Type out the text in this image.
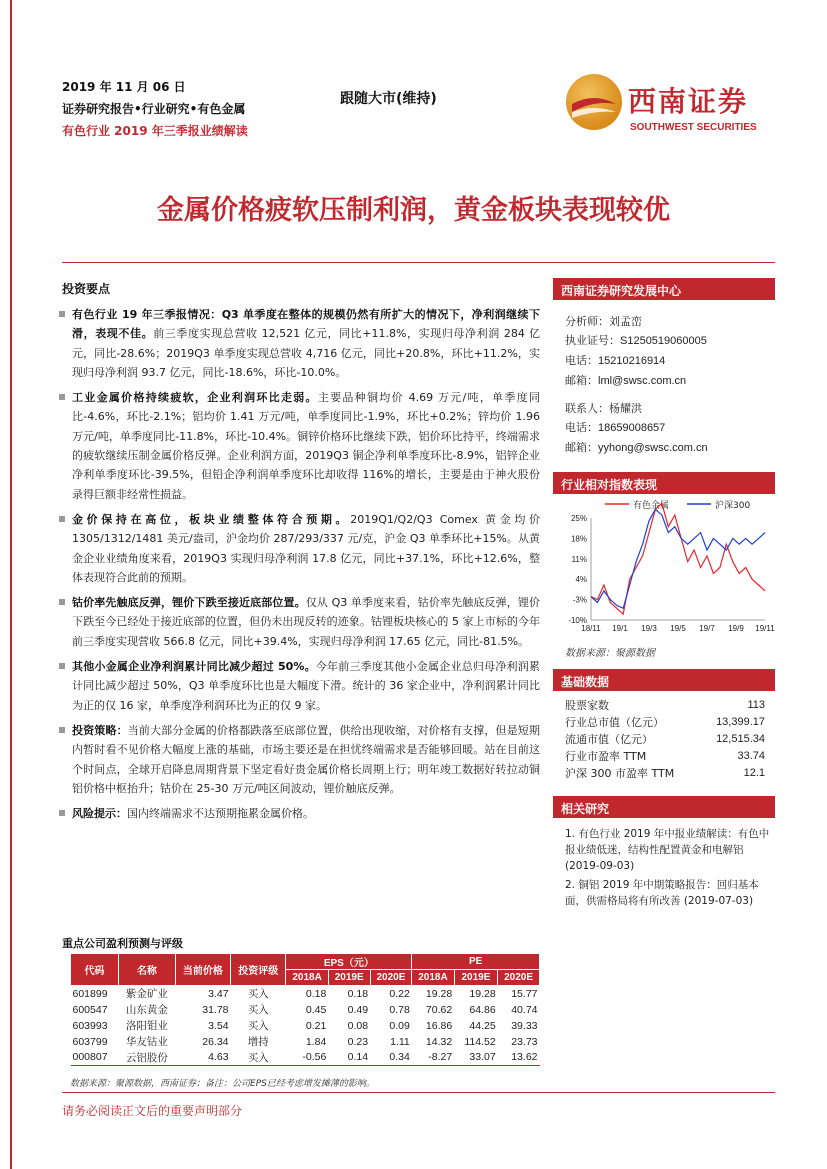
2019 年 11 月 06 日
证券研究报告•行业研究•有色金属
有色行业 2019 年三季报业绩解读
跟随大市(维持)	西南证券
SOUTHWEST SECURITIES
金属价格疲软压制利润，黄金板块表现较优
投资要点
有色行业 19 年三季报情况：Q3 单季度在整体的规模仍然有所扩大的情况下，净利润继续下滑，表现不佳。前三季度实现总营收 12,521 亿元，同比+11.8%，实现归母净利润 284 亿元，同比-28.6%；2019Q3 单季度实现总营收 4,716 亿元，同比+20.8%，环比+11.2%，实现归母净利润 93.7 亿元，同比-18.6%，环比-10.0%。
工业金属价格持续疲软，企业利润环比走弱。主要品种铜均价 4.69 万元/吨，单季度同比-4.6%，环比-2.1%；铝均价 1.41 万元/吨，单季度同比-1.9%，环比+0.2%；锌均价 1.96 万元/吨，单季度同比-11.8%，环比-10.4%。铜锌价格环比继续下跌，铝价环比持平，终端需求的疲软继续压制金属价格反弹。企业利润方面，2019Q3 铜企净利单季度环比-8.9%，铝锌企业净利单季度环比-39.5%，但铅企净利润单季度环比却收得 116%的增长，主要是由于神火股份录得巨额非经常性损益。
金价保持在高位，板块业绩整体符合预期。2019Q1/Q2/Q3 Comex 黄金均价 1305/1312/1481 美元/盎司，沪金均价 287/293/337 元/克，沪金 Q3 单季环比+15%。从黄金企业业绩角度来看，2019Q3 实现归母净利润 17.8 亿元，同比+37.1%，环比+12.6%，整体表现符合此前的预期。
钴价率先触底反弹，锂价下跌至接近底部位置。仅从 Q3 单季度来看，钴价率先触底反弹，锂价下跌至今已经处于接近底部的位置，但仍未出现反转的迹象。钴锂板块核心的 5 家上市标的今年前三季度实现营收 566.8 亿元，同比+39.4%，实现归母净利润 17.65 亿元，同比-81.5%。
其他小金属企业净利润累计同比减少超过 50%。今年前三季度其他小金属企业总归母净利润累计同比减少超过 50%，Q3 单季度环比也是大幅度下滑。统计的 36 家企业中，净利润累计同比为正的仅 16 家，单季度净利润环比为正的仅 9 家。
投资策略：当前大部分金属的价格都跌落至底部位置，供给出现收缩，对价格有支撑，但是短期内暂时看不见价格大幅度上涨的基础，市场主要还是在担忧终端需求是否能够回暖。站在目前这个时间点，全球开启降息周期背景下坚定看好贵金属价格长周期上行；明年竣工数据好转拉动铜铝价格中枢抬升；钴价在 25-30 万元/吨区间波动，锂价触底反弹。
风险提示：国内终端需求不达预期拖累金属价格。
重点公司盈利预测与评级
代码	名称	当前价格	投资评级	EPS（元）			PE		
				2018A	2019E	2020E	2018A	2019E	2020E
601899	紫金矿业	3.47	买入	0.18	0.18	0.22	19.28	19.28	15.77
600547	山东黄金	31.78	买入	0.45	0.49	0.78	70.62	64.86	40.74
603993	洛阳钼业	3.54	买入	0.21	0.08	0.09	16.86	44.25	39.33
603799	华友钴业	26.34	增持	1.84	0.23	1.11	14.32	114.52	23.73
000807	云铝股份	4.63	买入	-0.56	0.14	0.34	-8.27	33.07	13.62
数据来源：聚源数据，西南证券；备注：公司EPS已经考虑增发摊薄的影响。
请务必阅读正文后的重要声明部分
西南证券研究发展中心
分析师：刘孟峦
执业证号：S1250519060005
电话：15210216914
邮箱：lml@swsc.com.cn
联系人：杨耀洪
电话：18659008657
邮箱：yyhong@swsc.com.cn
行业相对指数表现
有色金属	沪深300
25%
18%
11%
4%
-3%
-10%
18/11 19/1 19/3 19/5 19/7 19/9 19/11
数据来源：聚源数据
基础数据
股票家数	113
行业总市值（亿元）	13,399.17
流通市值（亿元）	12,515.34
行业市盈率 TTM	33.74
沪深 300 市盈率 TTM	12.1
相关研究
1. 有色行业 2019 年中报业绩解读：有色中报业绩低迷，结构性配置黄金和电解铝 (2019-09-03)
2. 铜铝 2019 年中期策略报告：回归基本面，供需格局将有所改善 (2019-07-03)
